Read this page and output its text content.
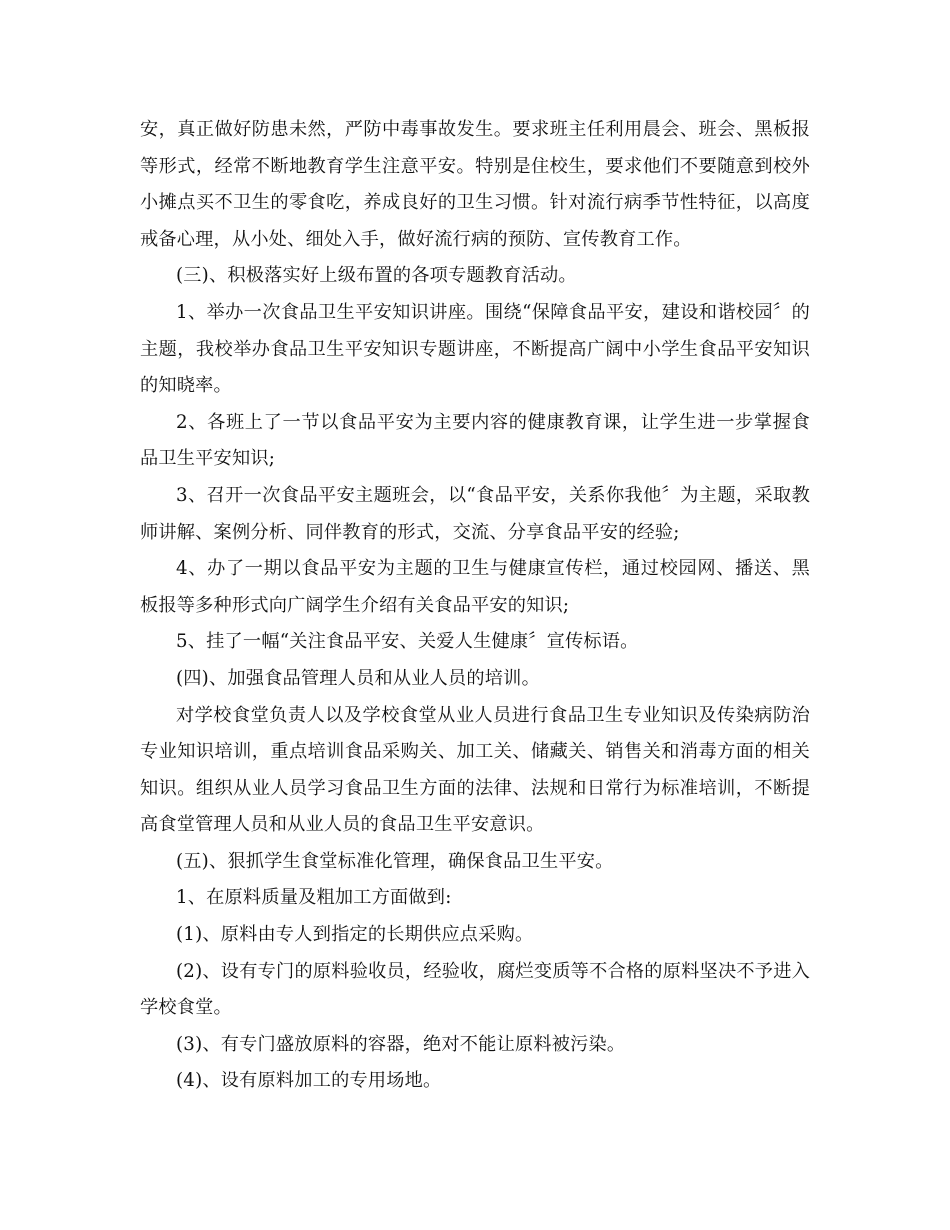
安，真正做好防患未然，严防中毒事故发生。要求班主任利用晨会、班会、黑板报等形式，经常不断地教育学生注意平安。特别是住校生，要求他们不要随意到校外小摊点买不卫生的零食吃，养成良好的卫生习惯。针对流行病季节性特征，以高度戒备心理，从小处、细处入手，做好流行病的预防、宣传教育工作。

(三)、积极落实好上级布置的各项专题教育活动。

1、举办一次食品卫生平安知识讲座。围绕“保障食品平安，建设和谐校园〞的主题，我校举办食品卫生平安知识专题讲座，不断提高广阔中小学生食品平安知识的知晓率。

2、各班上了一节以食品平安为主要内容的健康教育课，让学生进一步掌握食品卫生平安知识;

3、召开一次食品平安主题班会，以“食品平安，关系你我他〞为主题，采取教师讲解、案例分析、同伴教育的形式，交流、分享食品平安的经验;

4、办了一期以食品平安为主题的卫生与健康宣传栏，通过校园网、播送、黑板报等多种形式向广阔学生介绍有关食品平安的知识;

5、挂了一幅“关注食品平安、关爱人生健康〞宣传标语。

(四)、加强食品管理人员和从业人员的培训。

对学校食堂负责人以及学校食堂从业人员进行食品卫生专业知识及传染病防治专业知识培训，重点培训食品采购关、加工关、储藏关、销售关和消毒方面的相关知识。组织从业人员学习食品卫生方面的法律、法规和日常行为标准培训，不断提高食堂管理人员和从业人员的食品卫生平安意识。

(五)、狠抓学生食堂标准化管理，确保食品卫生平安。

1、在原料质量及粗加工方面做到:

(1)、原料由专人到指定的长期供应点采购。

(2)、设有专门的原料验收员，经验收，腐烂变质等不合格的原料坚决不予进入学校食堂。

(3)、有专门盛放原料的容器，绝对不能让原料被污染。

(4)、设有原料加工的专用场地。
